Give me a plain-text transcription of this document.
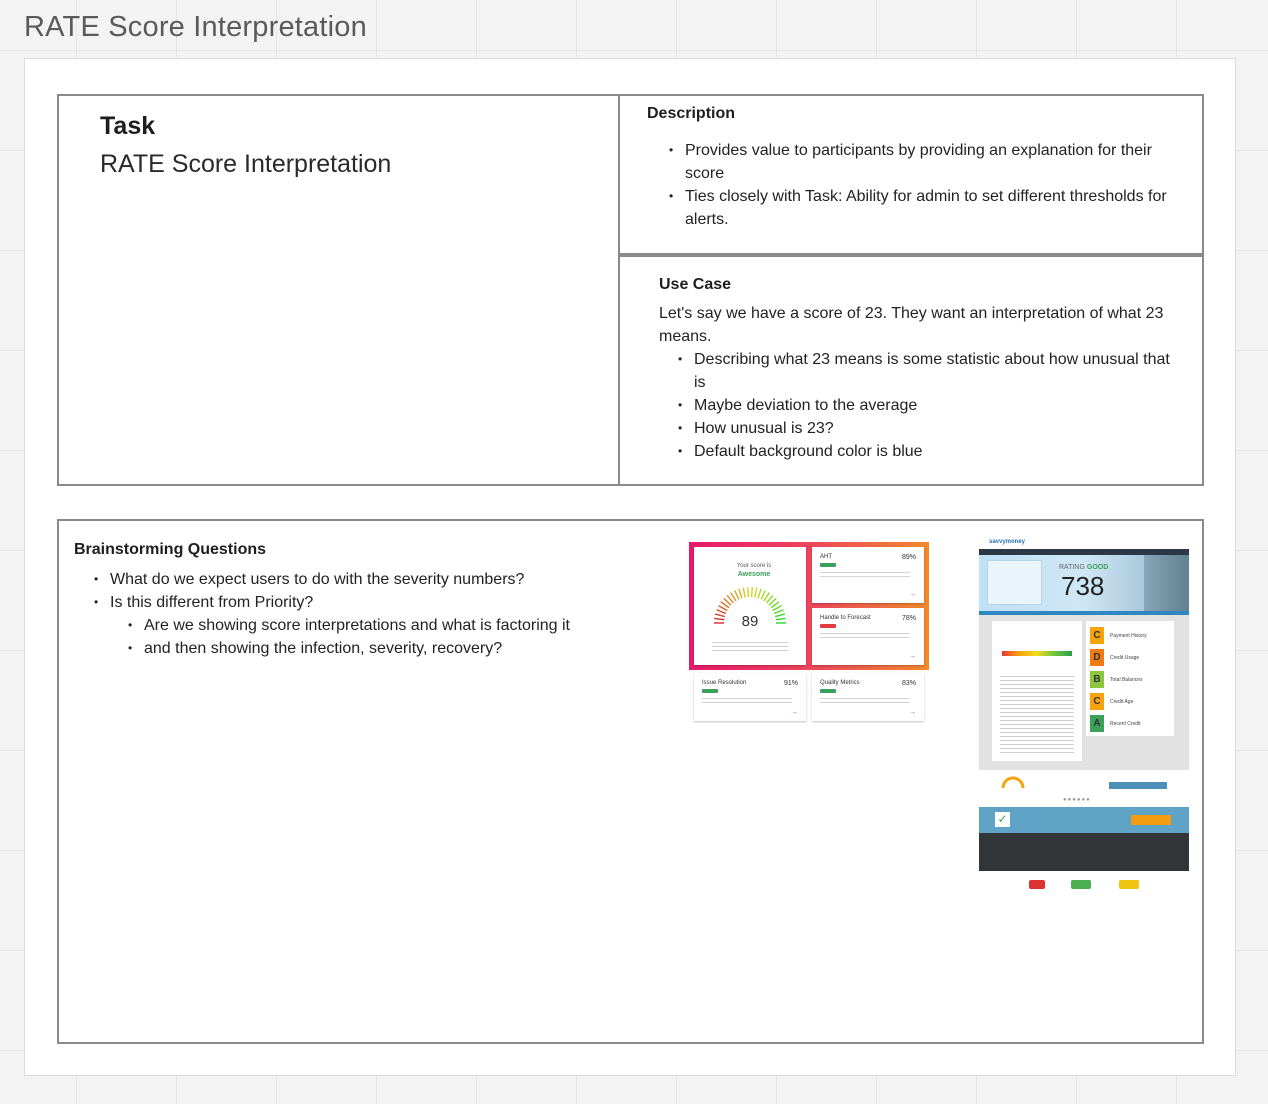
RATE Score Interpretation
Task
RATE Score Interpretation
Description
• Provides value to participants by providing an explanation for their score
• Ties closely with Task: Ability for admin to set different thresholds for alerts.
Use Case
Let's say we have a score of 23. They want an interpretation of what 23 means.
• Describing what 23 means is some statistic about how unusual that is
• Maybe deviation to the average
• How unusual is 23?
• Default background color is blue
Brainstorming Questions
• What do we expect users to do with the severity numbers?
• Is this different from Priority?
• Are we showing score interpretations and what is factoring it
• and then showing the infection, severity, recovery?
Your score is
Awesome
89
AHT	89%
→
Handle to Forecast	78%
→
Issue Resolution	91%
→
Quality Metrics	83%
→
savvymoney
RATING GOOD
738
C	Payment History
D	Credit Usage
B	Total Balances
C	Credit Age
A	Recent Credit
●●●●●●
✓
